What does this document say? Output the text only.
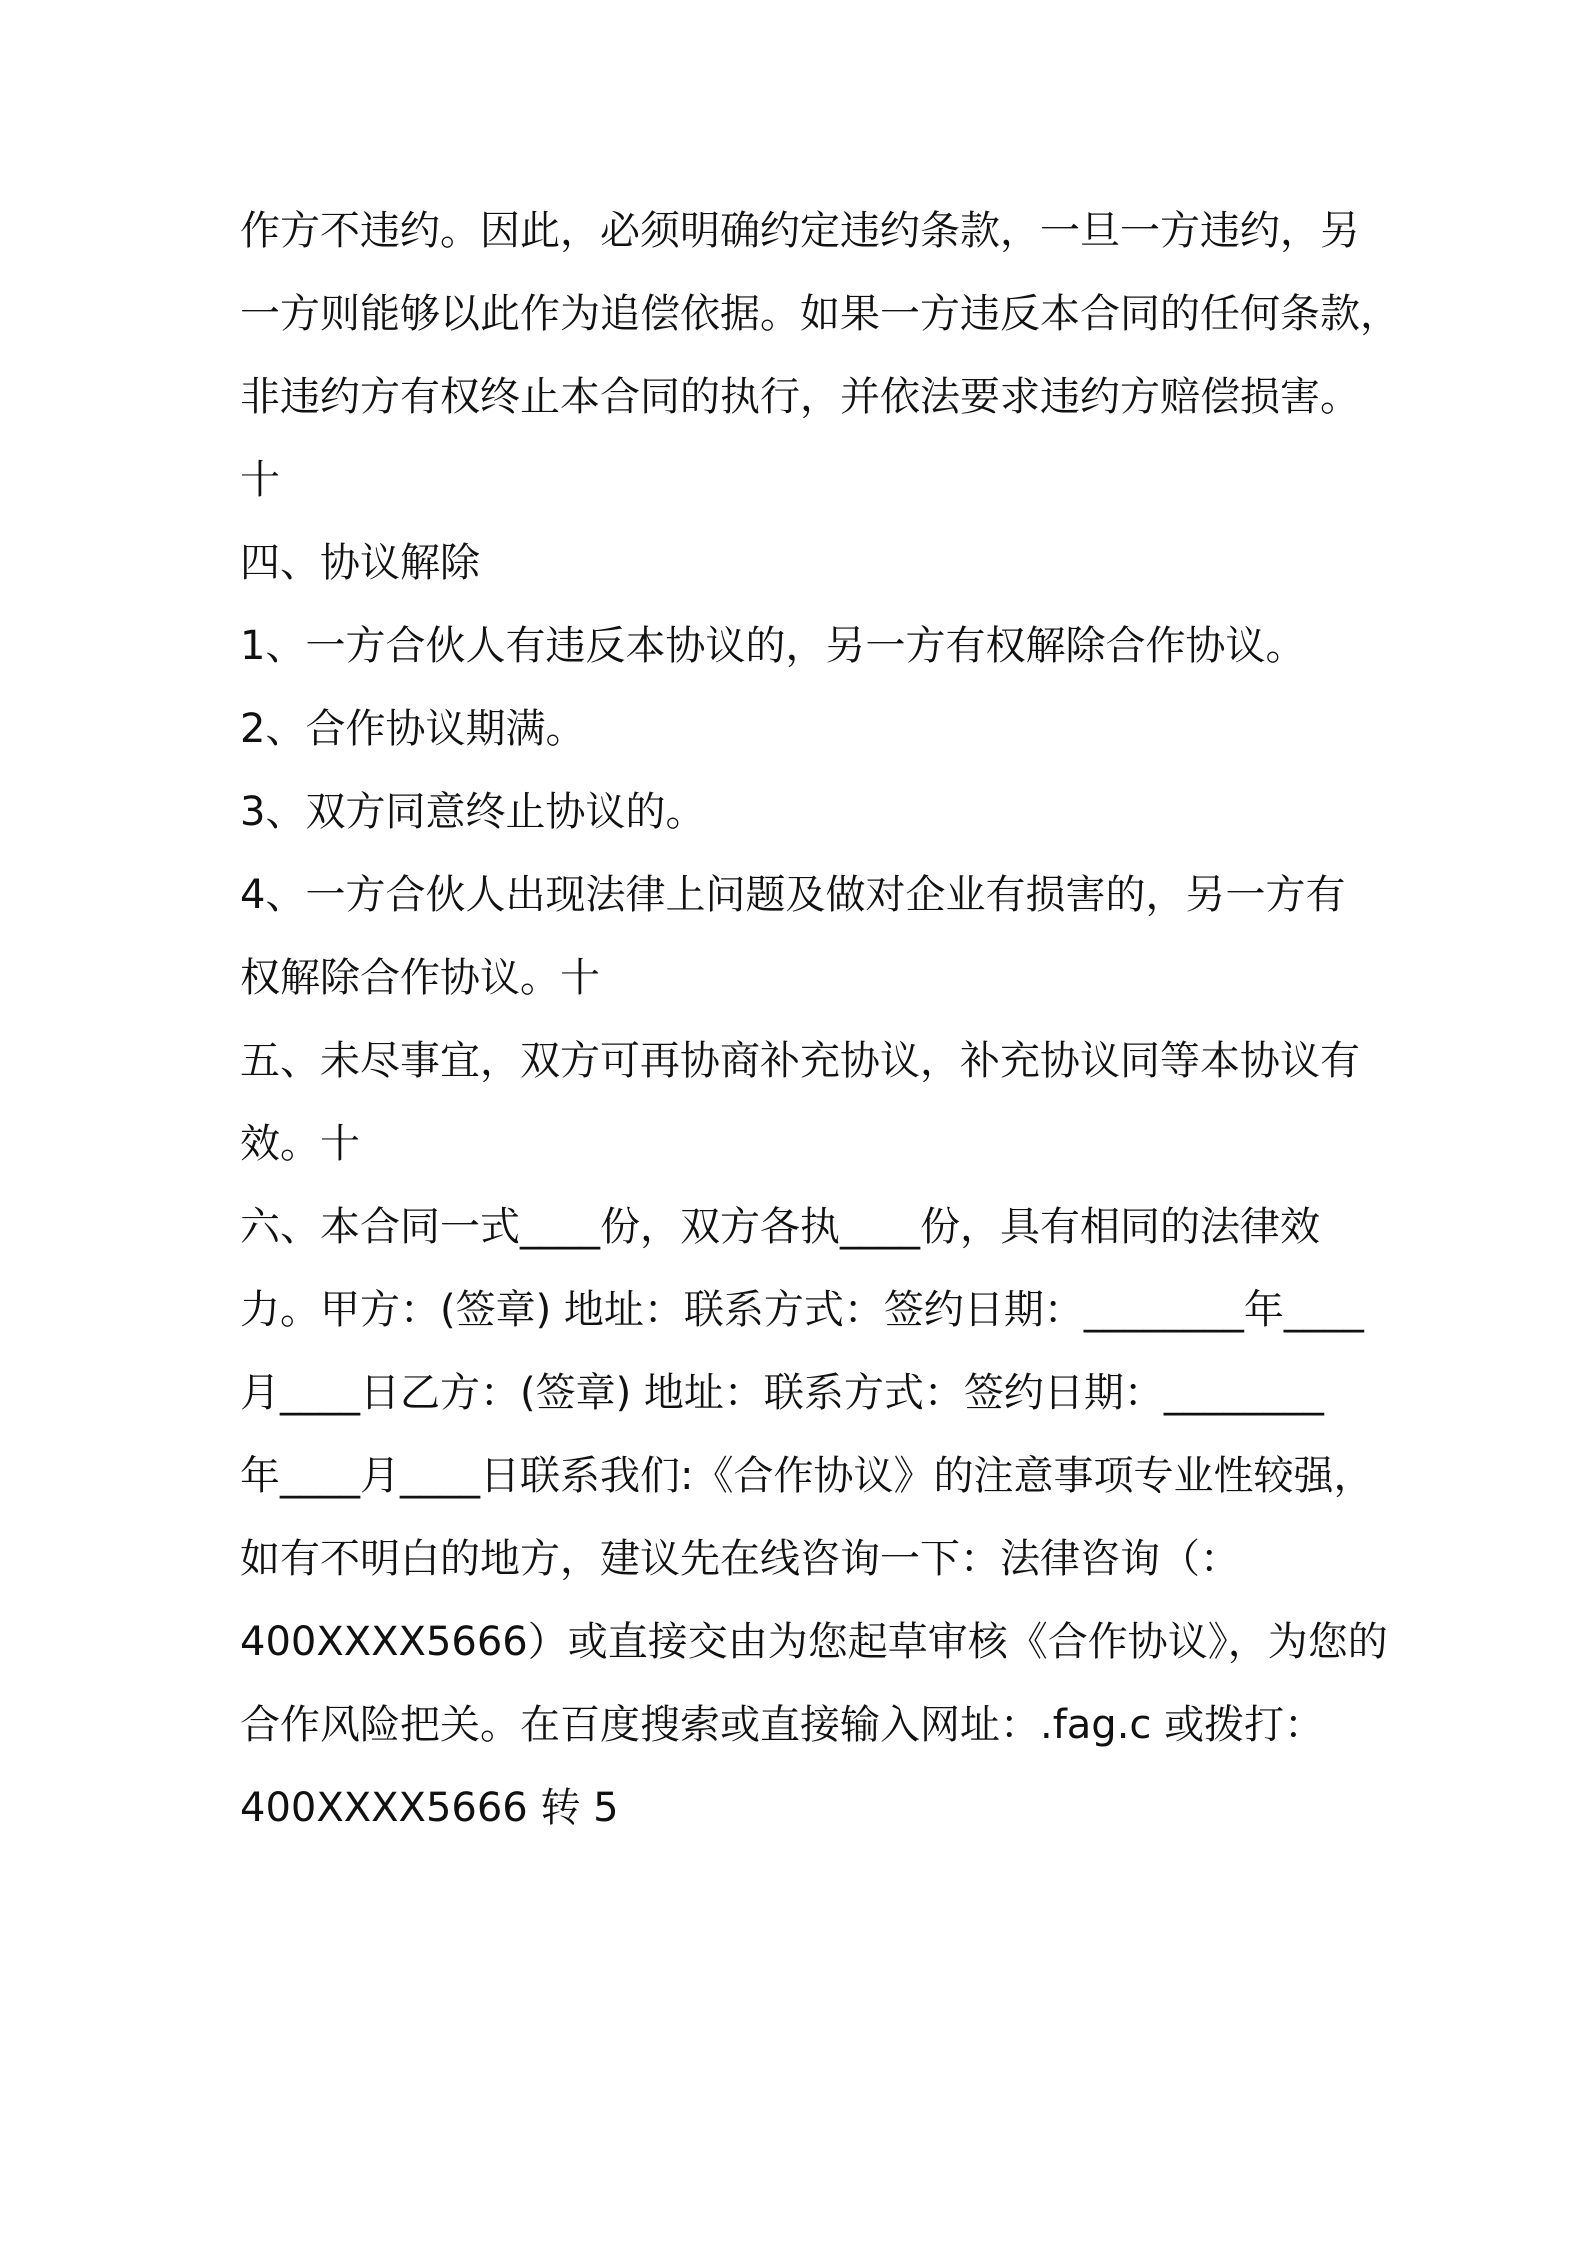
作方不违约。因此，必须明确约定违约条款，一旦一方违约，另
一方则能够以此作为追偿依据。如果一方违反本合同的任何条款，
非违约方有权终止本合同的执行，并依法要求违约方赔偿损害。
十
四、协议解除
1、一方合伙人有违反本协议的，另一方有权解除合作协议。
2、合作协议期满。
3、双方同意终止协议的。
4、一方合伙人出现法律上问题及做对企业有损害的，另一方有
权解除合作协议。十
五、未尽事宜，双方可再协商补充协议，补充协议同等本协议有
效。十
六、本合同一式____份，双方各执____份，具有相同的法律效
力。甲方：(签章) 地址：联系方式：签约日期：________年____
月____日乙方：(签章) 地址：联系方式：签约日期：________
年____月____日联系我们:《合作协议》的注意事项专业性较强，
如有不明白的地方，建议先在线咨询一下：法律咨询（：
400XXXX5666）或直接交由为您起草审核《合作协议》，为您的
合作风险把关。在百度搜索或直接输入网址：.fag.c 或拨打：
400XXXX5666 转 5
